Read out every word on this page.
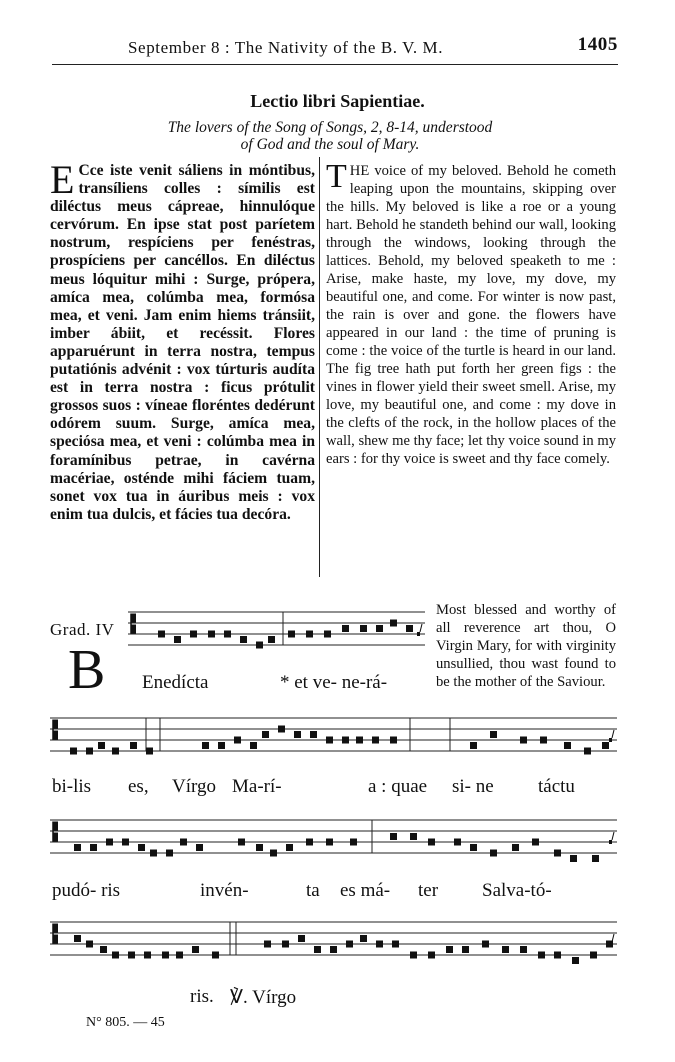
September 8 : The Nativity of the B. V. M.	1405
Lectio libri Sapientiae.
The lovers of the Song of Songs, 2, 8-14, understood
of God and the soul of Mary.

E Cce iste venit sáliens in móntibus, transíliens colles : símilis est diléctus meus cápreae, hinnulóque cervórum. En ipse stat post paríetem nostrum, respíciens per fenéstras, prospíciens per cancéllos. En diléctus meus lóquitur mihi : Surge, própera, amíca mea, colúmba mea, formósa mea, et veni. Jam enim hiems tránsiit, imber ábiit, et recéssit. Flores apparuérunt in terra nostra, tempus putatiónis advénit : vox túrturis audíta est in terra nostra : ficus prótulit grossos suos : víneae floréntes dedérunt odórem suum. Surge, amíca mea, speciósa mea, et veni : colúmba mea in foramínibus petrae, in cavérna macériae, osténde mihi fáciem tuam, sonet vox tua in áuribus meis : vox enim tua dulcis, et fácies tua decóra.

THE voice of my beloved. Behold he cometh leaping upon the mountains, skipping over the hills. My beloved is like a roe or a young hart. Behold he standeth behind our wall, looking through the windows, looking through the lattices. Behold, my beloved speaketh to me : Arise, make haste, my love, my dove, my beautiful one, and come. For winter is now past, the rain is over and gone. the flowers have appeared in our land : the time of pruning is come : the voice of the turtle is heard in our land. The fig tree hath put forth her green figs : the vines in flower yield their sweet smell. Arise, my love, my beautiful one, and come : my dove in the clefts of the rock, in the hollow places of the wall, shew me thy face; let thy voice sound in my ears : for thy voice is sweet and thy face comely.

Grad. IV
B
Most blessed and worthy of all reverence art thou, O Virgin Mary, for with virginity unsullied, thou wast found to be the mother of the Saviour.
Enedícta	* et ve- ne-rá-
bi-lis es, Vírgo Ma-rí-	a : quae si- ne táctu
pudó- ris	invén-	ta es má- ter Salva-tó-
ris. ℣. Vírgo
N° 805. — 45
